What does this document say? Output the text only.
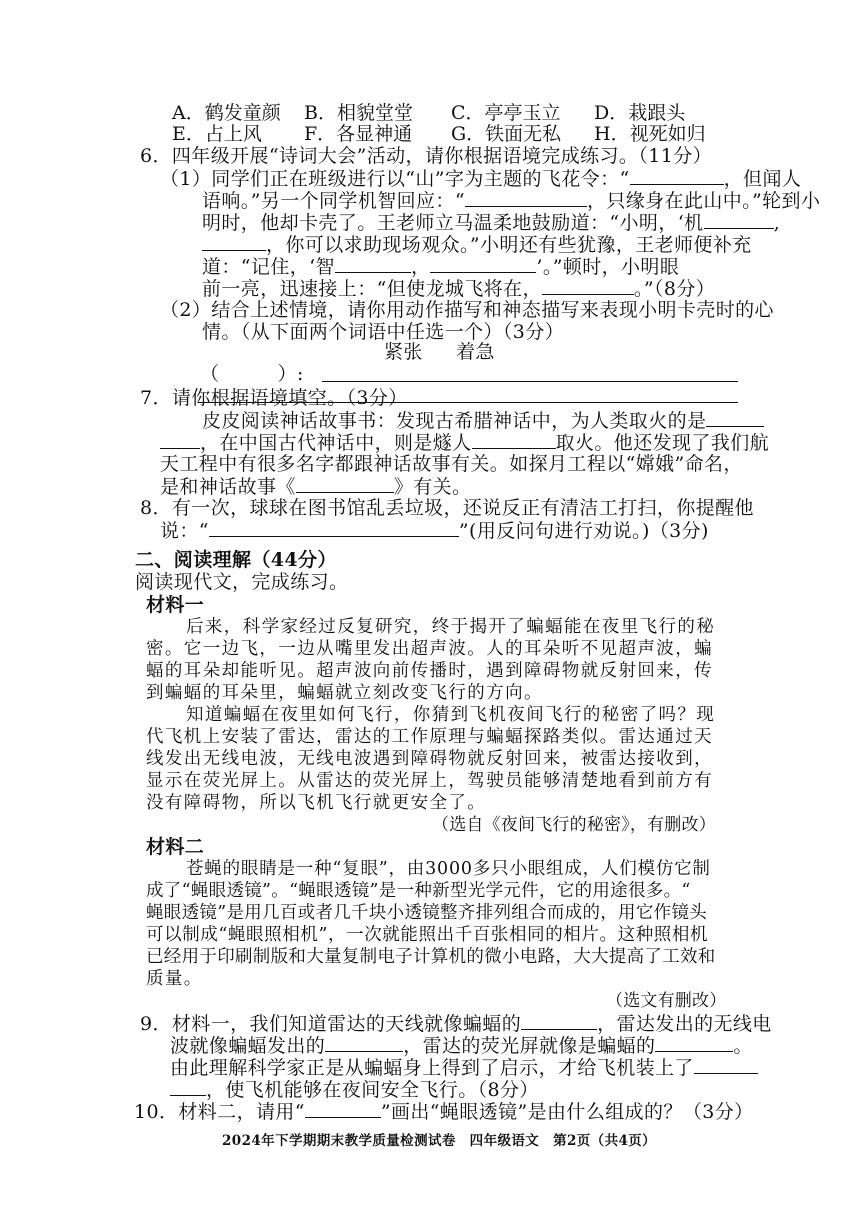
A．鹤发童颜 B．相貌堂堂 C．亭亭玉立 D．栽跟头
E．占上风 F．各显神通 G．铁面无私 H．视死如归
6．四年级开展“诗词大会”活动，请你根据语境完成练习。（11分）
（1）同学们正在班级进行以“山”字为主题的飞花令：“	，但闻人
语响。”另一个同学机智回应：“	，只缘身在此山中。”轮到小
明时，他却卡壳了。王老师立马温柔地鼓励道：“小明，‘机	,
，你可以求助现场观众。”小明还有些犹豫，王老师便补充
道：“记住，‘智	，	’。”顿时，小明眼
前一亮，迅速接上：“但使龙城飞将在，	。”（8分）
（2）结合上述情境，请你用动作描写和神态描写来表现小明卡壳时的心
情。（从下面两个词语中任选一个）（3分）
紧张 着急
（　　　）:
7．请你根据语境填空。（3分）
皮皮阅读神话故事书：发现古希腊神话中，为人类取火的是
，在中国古代神话中，则是燧人	取火。他还发现了我们航
天工程中有很多名字都跟神话故事有关。如探月工程以“嫦娥”命名，
是和神话故事《	》有关。
8．有一次，球球在图书馆乱丢垃圾，还说反正有清洁工打扫，你提醒他
说：“	”(用反问句进行劝说。)（3分)
二、阅读理解（44分）
阅读现代文，完成练习。
材料一
后来，科学家经过反复研究，终于揭开了蝙蝠能在夜里飞行的秘
密。它一边飞，一边从嘴里发出超声波。人的耳朵听不见超声波，蝙
蝠的耳朵却能听见。超声波向前传播时，遇到障碍物就反射回来，传
到蝙蝠的耳朵里，蝙蝠就立刻改变飞行的方向。
知道蝙蝠在夜里如何飞行，你猜到飞机夜间飞行的秘密了吗？现
代飞机上安装了雷达，雷达的工作原理与蝙蝠探路类似。雷达通过天
线发出无线电波，无线电波遇到障碍物就反射回来，被雷达接收到，
显示在荧光屏上。从雷达的荧光屏上，驾驶员能够清楚地看到前方有
没有障碍物，所以飞机飞行就更安全了。
（选自《夜间飞行的秘密》，有删改）
材料二
苍蝇的眼睛是一种“复眼”，由3000多只小眼组成，人们模仿它制
成了“蝇眼透镜”。“蝇眼透镜”是一种新型光学元件，它的用途很多。“
蝇眼透镜”是用几百或者几千块小透镜整齐排列组合而成的，用它作镜头
可以制成“蝇眼照相机”，一次就能照出千百张相同的相片。这种照相机
已经用于印刷制版和大量复制电子计算机的微小电路，大大提高了工效和
质量。
（选文有删改）
9．材料一，我们知道雷达的天线就像蝙蝠的	，雷达发出的无线电
波就像蝙蝠发出的	，雷达的荧光屏就像是蝙蝠的	。
由此理解科学家正是从蝙蝠身上得到了启示，才给飞机装上了
，使飞机能够在夜间安全飞行。（8分）
10．材料二，请用“	”画出“蝇眼透镜”是由什么组成的？（3分）
2024年下学期期末教学质量检测试卷　四年级语文　第2页（共4页）
